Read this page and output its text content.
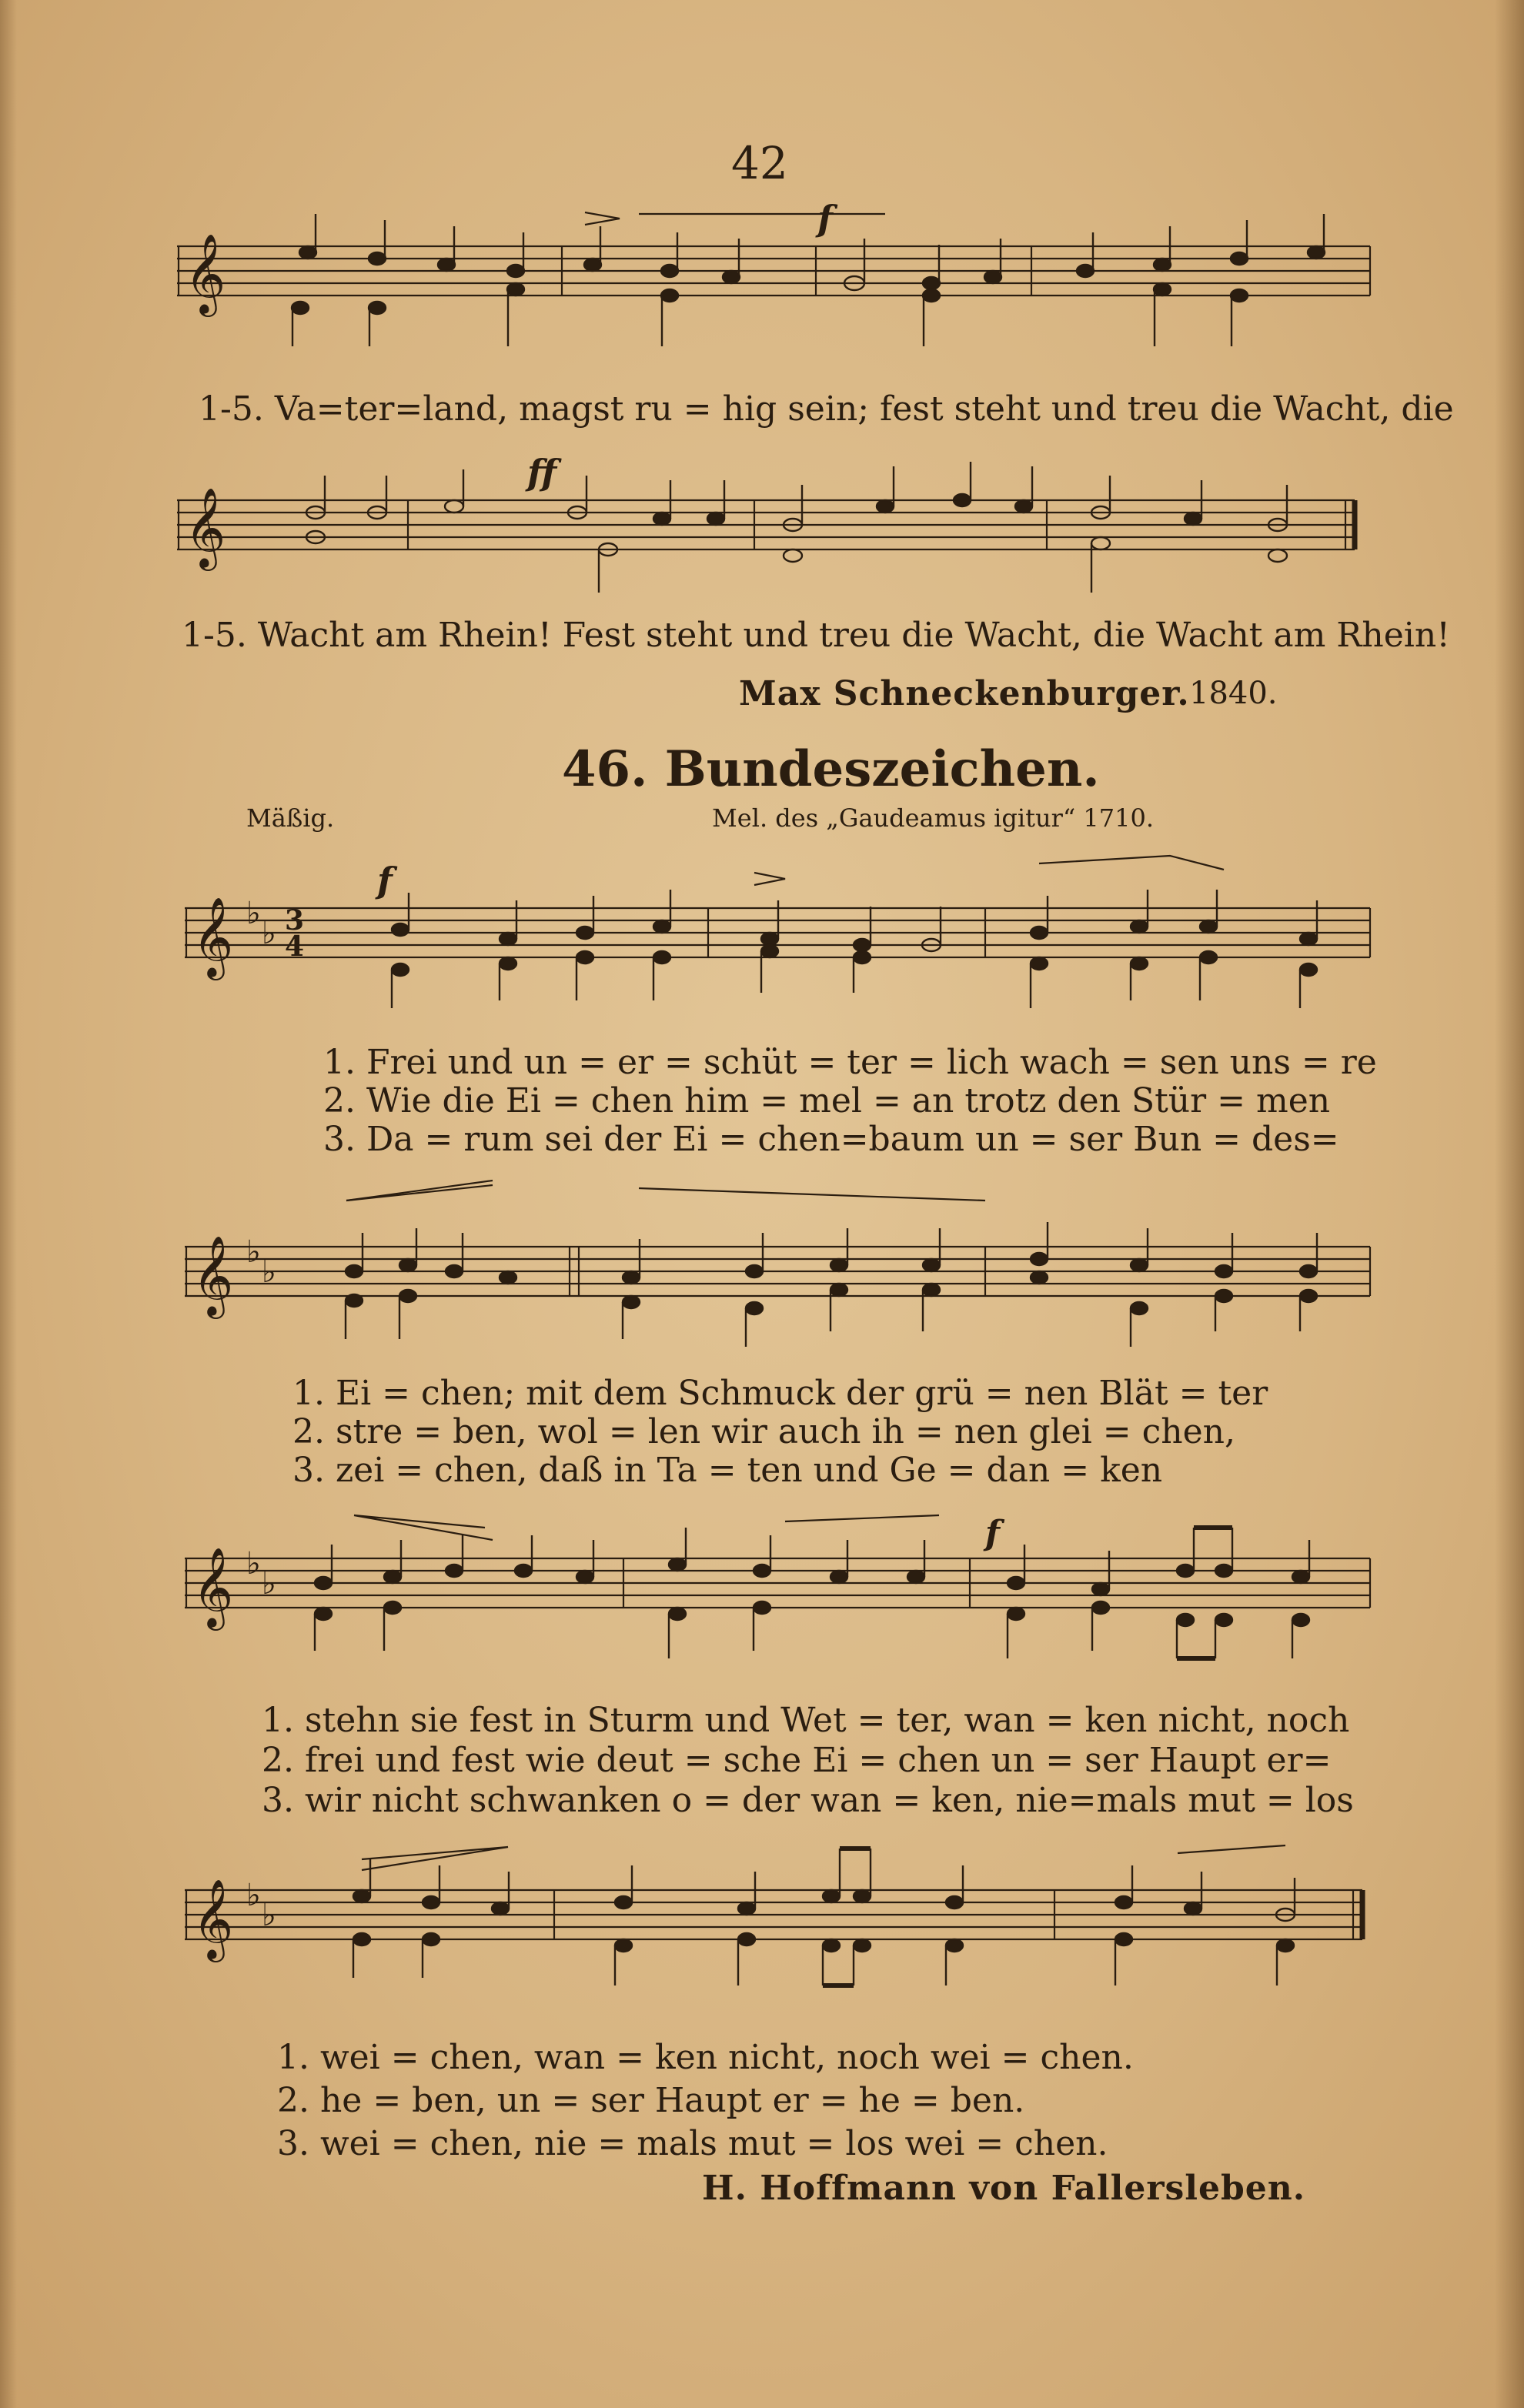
42
𝄞
f
1-5. Va=ter=land, magst ru = hig sein; fest steht und treu die Wacht, die
𝄞
ff
1-5. Wacht am Rhein! Fest steht und treu die Wacht, die Wacht am Rhein!
Max Schneckenburger. 1840.
46. Bundeszeichen.
Mäßig.	Mel. des „Gaudeamus igitur“ 1710.
𝄞 ♭
♭ 3
4
f
1. Frei und un = er = schüt = ter = lich wach = sen uns = re
2. Wie die Ei = chen him = mel = an trotz den Stür = men
3. Da = rum sei der Ei = chen=baum un = ser Bun = des=
𝄞 ♭
♭
1. Ei = chen; mit dem Schmuck der grü = nen Blät = ter
2. stre = ben, wol = len wir auch ih = nen glei = chen,
3. zei = chen, daß in Ta = ten und Ge = dan = ken
𝄞 ♭
♭
f
1. stehn sie fest in Sturm und Wet = ter, wan = ken nicht, noch
2. frei und fest wie deut = sche Ei = chen un = ser Haupt er=
3. wir nicht schwanken o = der wan = ken, nie=mals mut = los
𝄞 ♭
♭
1. wei = chen, wan = ken nicht, noch wei = chen.
2. he = ben, un = ser Haupt er = he = ben.
3. wei = chen, nie = mals mut = los wei = chen.
H. Hoffmann von Fallersleben.
